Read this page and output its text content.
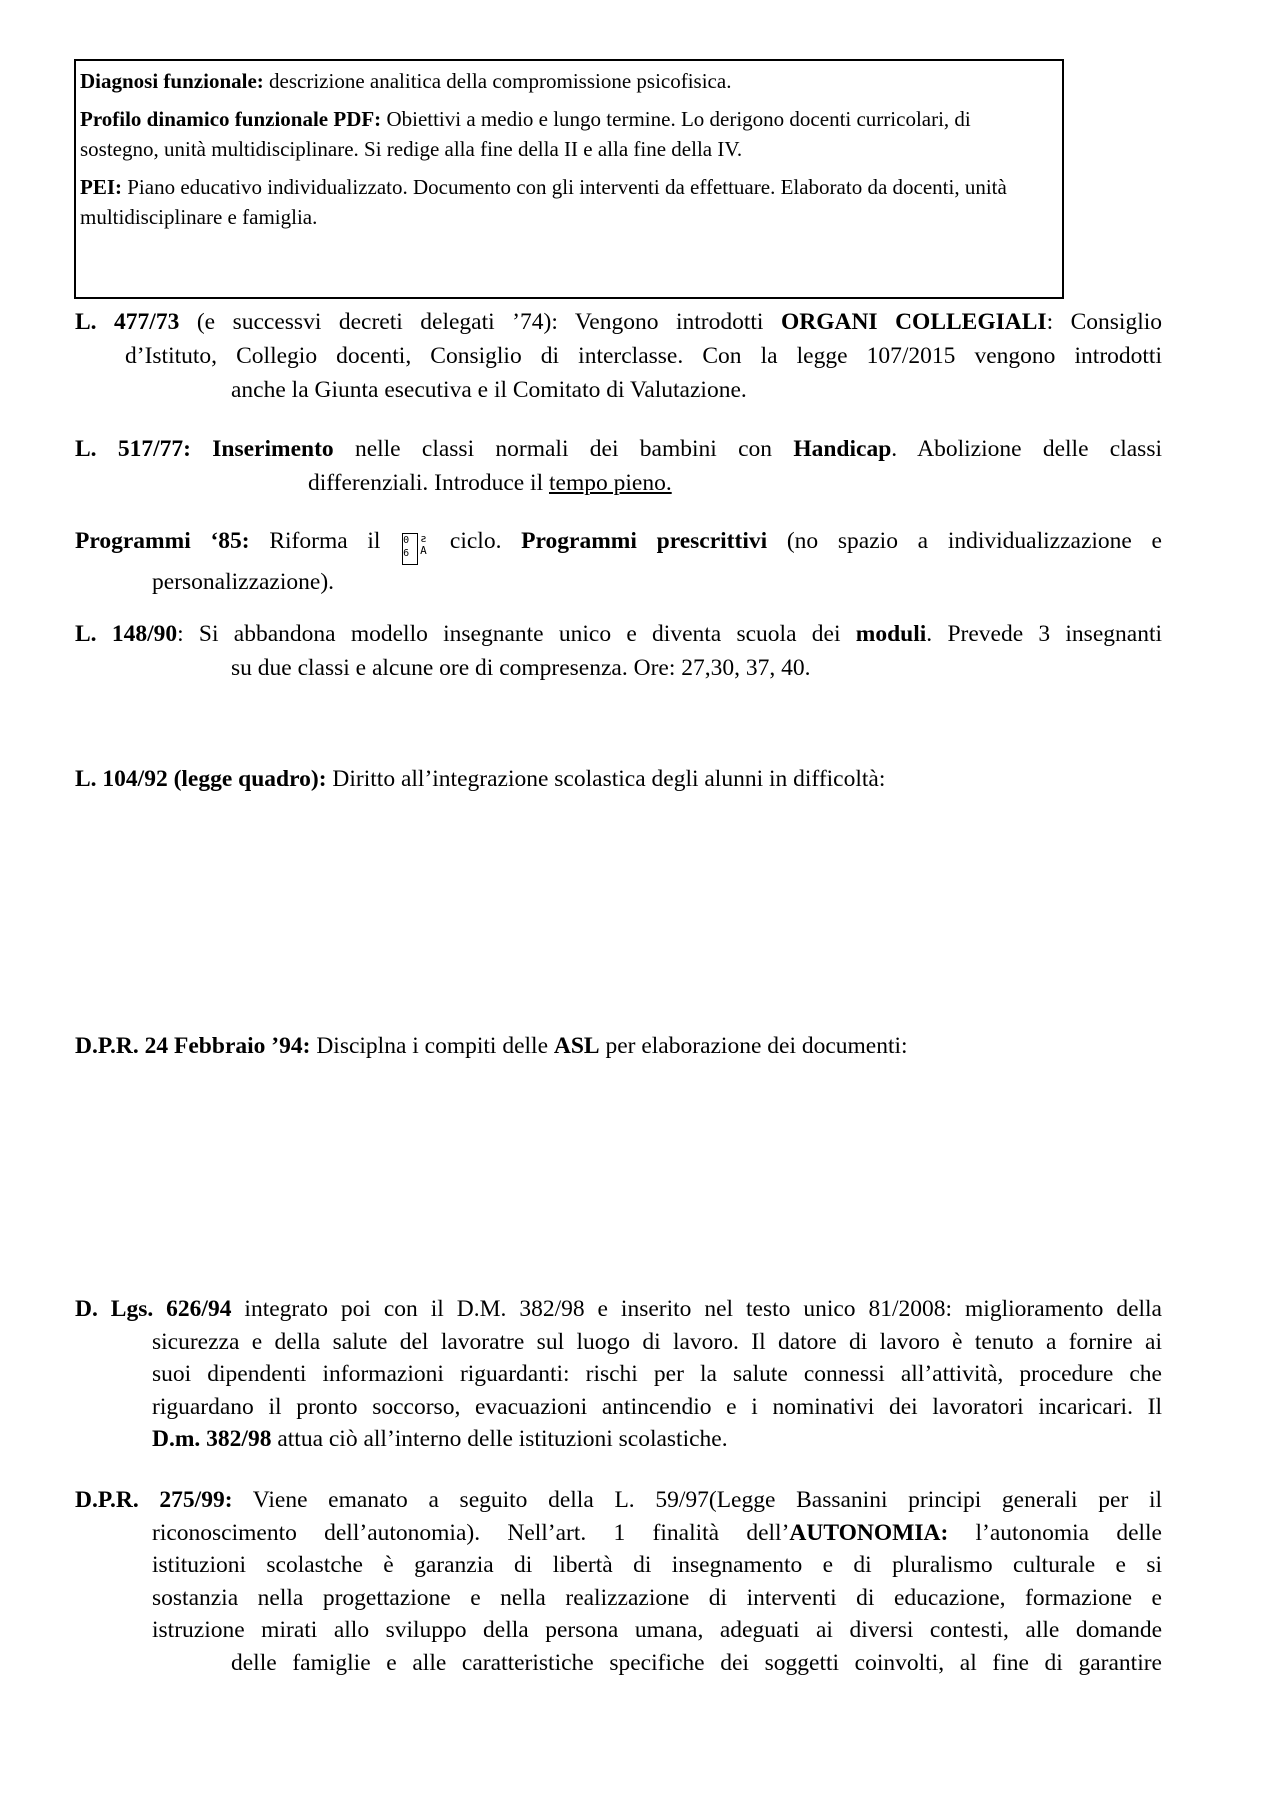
Diagnosi funzionale: descrizione analitica della compromissione psicofisica.

Profilo dinamico funzionale PDF: Obiettivi a medio e lungo termine. Lo derigono docenti curricolari, di sostegno, unità multidisciplinare. Si redige alla fine della II e alla fine della IV.

PEI: Piano educativo individualizzato. Documento con gli interventi da effettuare. Elaborato da docenti, unità multidisciplinare e famiglia.

L. 477/73 (e successvi decreti delegati ’74): Vengono introdotti ORGANI COLLEGIALI: Consiglio d’Istituto, Collegio docenti, Consiglio di interclasse. Con la legge 107/2015 vengono introdotti

anche la Giunta esecutiva e il Comitato di Valutazione.

L. 517/77: Inserimento nelle classi normali dei bambini con Handicap. Abolizione delle classi

differenziali. Introduce il tempo pieno.

Programmi ‘85: Riforma il 0
6
ƨ
A ciclo. Programmi prescrittivi (no spazio a individualizzazione e

personalizzazione).

L. 148/90: Si abbandona modello insegnante unico e diventa scuola dei moduli. Prevede 3 insegnanti

su due classi e alcune ore di compresenza. Ore: 27,30, 37, 40.

L. 104/92 (legge quadro): Diritto all’integrazione scolastica degli alunni in difficoltà:

D.P.R. 24 Febbraio ’94: Disciplna i compiti delle ASL per elaborazione dei documenti:

D. Lgs. 626/94 integrato poi con il D.M. 382/98 e inserito nel testo unico 81/2008: miglioramento della

sicurezza e della salute del lavoratre sul luogo di lavoro. Il datore di lavoro è tenuto a fornire ai

suoi dipendenti informazioni riguardanti: rischi per la salute connessi all’attività, procedure che

riguardano il pronto soccorso, evacuazioni antincendio e i nominativi dei lavoratori incaricari. Il

D.m. 382/98 attua ciò all’interno delle istituzioni scolastiche.

D.P.R. 275/99: Viene emanato a seguito della L. 59/97(Legge Bassanini principi generali per il

riconoscimento dell’autonomia). Nell’art. 1 finalità dell’AUTONOMIA: l’autonomia delle

istituzioni scolastche è garanzia di libertà di insegnamento e di pluralismo culturale e si

sostanzia nella progettazione e nella realizzazione di interventi di educazione, formazione e

istruzione mirati allo sviluppo della persona umana, adeguati ai diversi contesti, alle domande

delle famiglie e alle caratteristiche specifiche dei soggetti coinvolti, al fine di garantire
